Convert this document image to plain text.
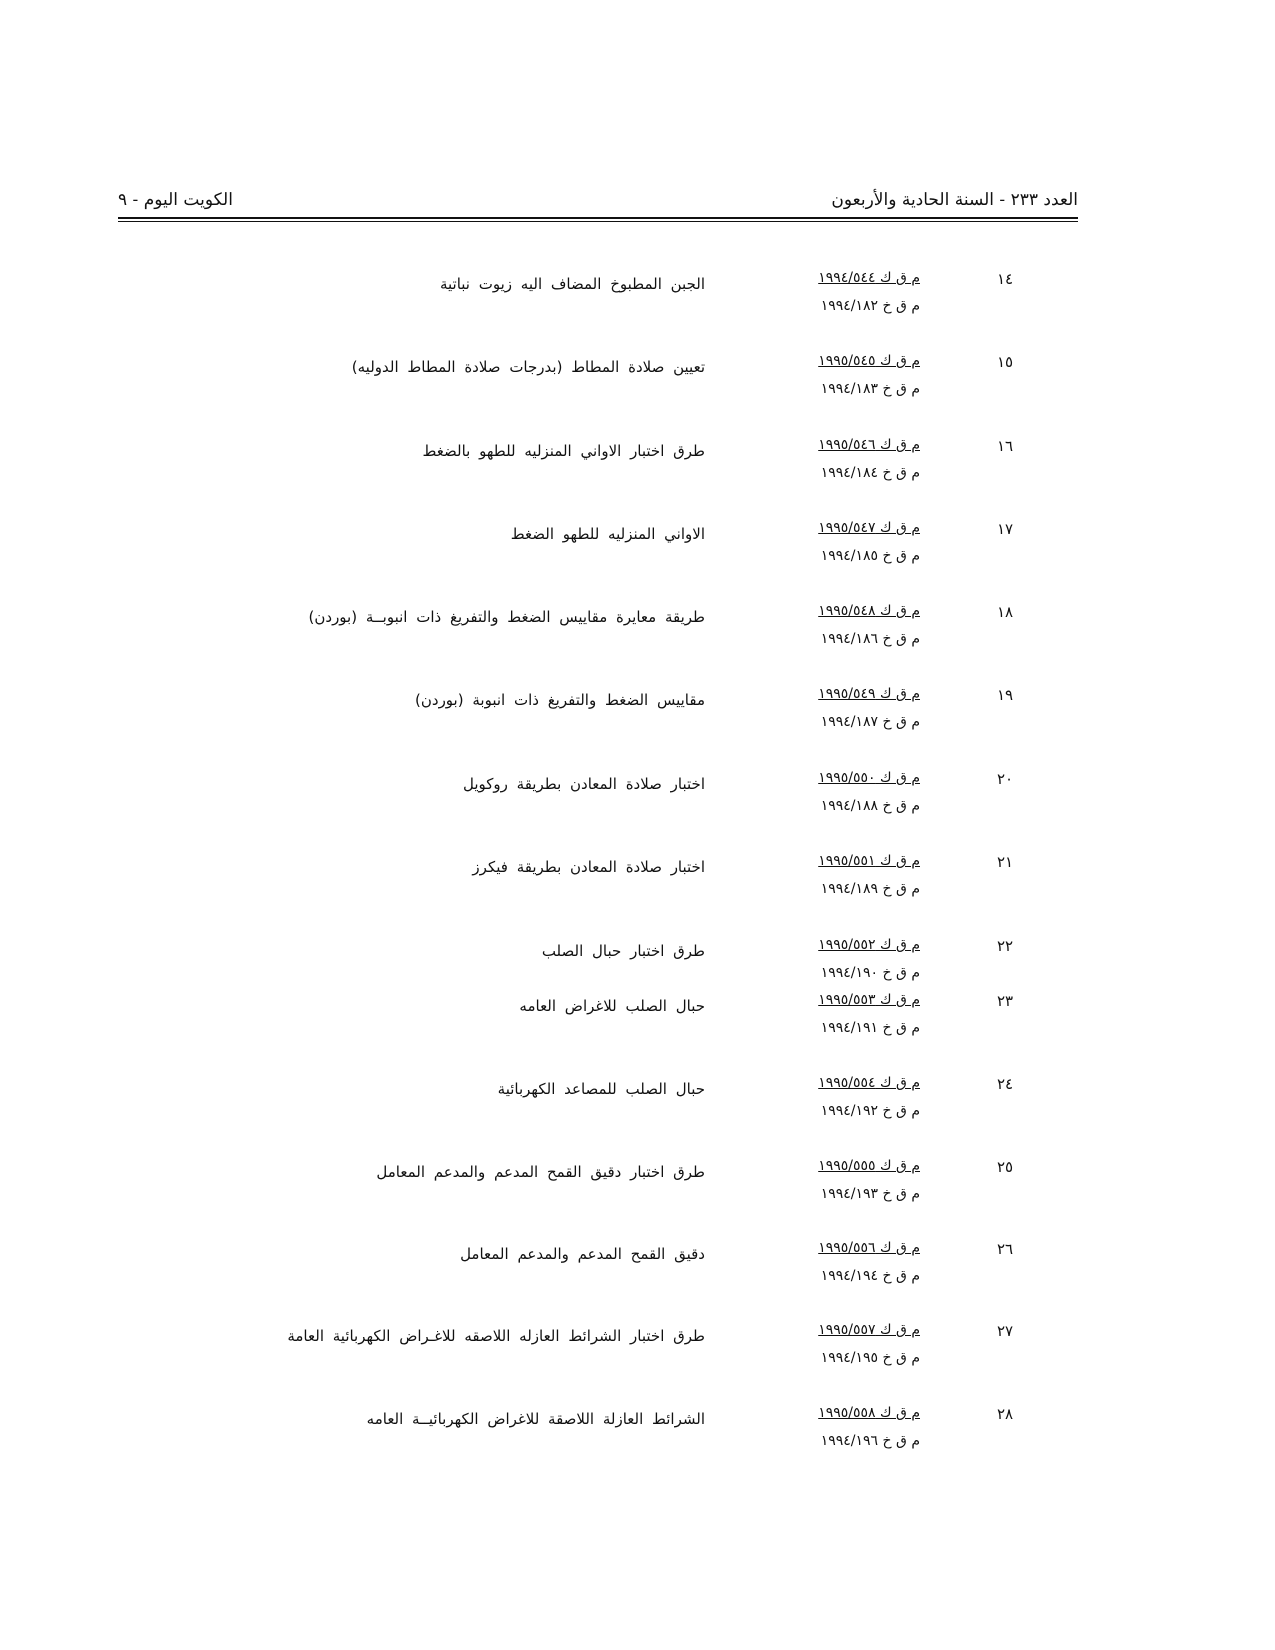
الكويت اليوم - ٩	العدد ٢٣٣ - السنة الحادية والأربعون
١٤
م ق ك ١٩٩٤/٥٤٤
م ق خ ١٩٩٤/١٨٢
الجبن المطبوخ المضاف اليه زيوت نباتية
١٥
م ق ك ١٩٩٥/٥٤٥
م ق خ ١٩٩٤/١٨٣
تعيين صلادة المطاط (بدرجات صلادة المطاط الدوليه)
١٦
م ق ك ١٩٩٥/٥٤٦
م ق خ ١٩٩٤/١٨٤
طرق اختبار الاواني المنزليه للطهو بالضغط
١٧
م ق ك ١٩٩٥/٥٤٧
م ق خ ١٩٩٤/١٨٥
الاواني المنزليه للطهو الضغط
١٨
م ق ك ١٩٩٥/٥٤٨
م ق خ ١٩٩٤/١٨٦
طريقة معايرة مقاييس الضغط والتفريغ ذات انبوبــة (بوردن)
١٩
م ق ك ١٩٩٥/٥٤٩
م ق خ ١٩٩٤/١٨٧
مقاييس الضغط والتفريغ ذات انبوبة (بوردن)
٢٠
م ق ك ١٩٩٥/٥٥٠
م ق خ ١٩٩٤/١٨٨
اختبار صلادة المعادن بطريقة روكويل
٢١
م ق ك ١٩٩٥/٥٥١
م ق خ ١٩٩٤/١٨٩
اختبار صلادة المعادن بطريقة فيكرز
٢٢
م ق ك ١٩٩٥/٥٥٢
م ق خ ١٩٩٤/١٩٠
طرق اختبار حبال الصلب
٢٣
م ق ك ١٩٩٥/٥٥٣
م ق خ ١٩٩٤/١٩١
حبال الصلب للاغراض العامه
٢٤
م ق ك ١٩٩٥/٥٥٤
م ق خ ١٩٩٤/١٩٢
حبال الصلب للمصاعد الكهربائية
٢٥
م ق ك ١٩٩٥/٥٥٥
م ق خ ١٩٩٤/١٩٣
طرق اختبار دقيق القمح المدعم والمدعم المعامل
٢٦
م ق ك ١٩٩٥/٥٥٦
م ق خ ١٩٩٤/١٩٤
دقيق القمح المدعم والمدعم المعامل
٢٧
م ق ك ١٩٩٥/٥٥٧
م ق خ ١٩٩٤/١٩٥
طرق اختبار الشرائط العازله اللاصقه للاغـراض الكهربائية العامة
٢٨
م ق ك ١٩٩٥/٥٥٨
م ق خ ١٩٩٤/١٩٦
الشرائط العازلة اللاصقة للاغراض الكهربائيــة العامه
